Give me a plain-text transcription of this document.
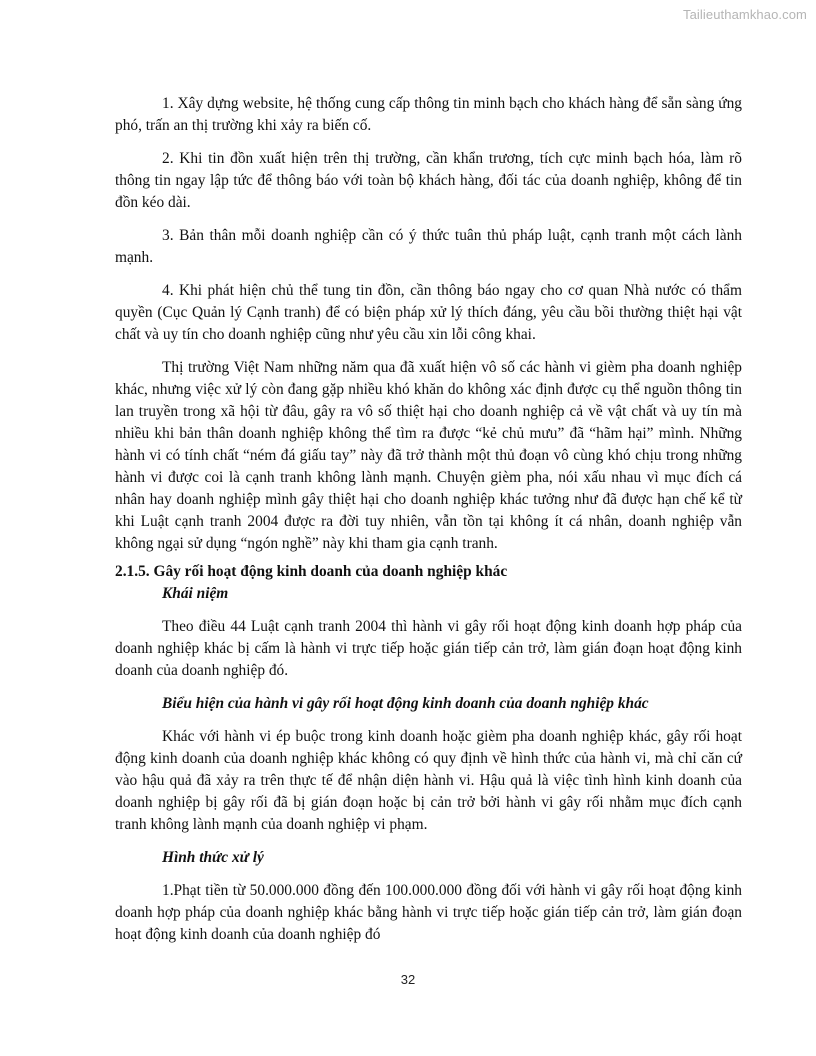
Tailieuthamkhao.com

1. Xây dựng website, hệ thống cung cấp thông tin minh bạch cho khách hàng để sẵn sàng ứng phó, trấn an thị trường khi xảy ra biến cố.

2. Khi tin đồn xuất hiện trên thị trường, cần khẩn trương, tích cực minh bạch hóa, làm rõ thông tin ngay lập tức để thông báo với toàn bộ khách hàng, đối tác của doanh nghiệp, không để tin đồn kéo dài.

3. Bản thân mỗi doanh nghiệp cần có ý thức tuân thủ pháp luật, cạnh tranh một cách lành mạnh.

4. Khi phát hiện chủ thể tung tin đồn, cần thông báo ngay cho cơ quan Nhà nước có thẩm quyền (Cục Quản lý Cạnh tranh) để có biện pháp xử lý thích đáng, yêu cầu bồi thường thiệt hại vật chất và uy tín cho doanh nghiệp cũng như yêu cầu xin lỗi công khai.

Thị trường Việt Nam những năm qua đã xuất hiện vô số các hành vi gièm pha doanh nghiệp khác, nhưng việc xử lý còn đang gặp nhiều khó khăn do không xác định được cụ thể nguồn thông tin lan truyền trong xã hội từ đâu, gây ra vô số thiệt hại cho doanh nghiệp cả về vật chất và uy tín mà nhiều khi bản thân doanh nghiệp không thể tìm ra được “kẻ chủ mưu” đã “hãm hại” mình. Những hành vi có tính chất “ném đá giấu tay” này đã trở thành một thủ đoạn vô cùng khó chịu trong những hành vi được coi là cạnh tranh không lành mạnh. Chuyện gièm pha, nói xấu nhau vì mục đích cá nhân hay doanh nghiệp mình gây thiệt hại cho doanh nghiệp khác tưởng như đã được hạn chế kể từ khi Luật cạnh tranh 2004 được ra đời tuy nhiên, vẫn tồn tại không ít cá nhân, doanh nghiệp vẫn không ngại sử dụng “ngón nghề” này khi tham gia cạnh tranh.

2.1.5. Gây rối hoạt động kinh doanh của doanh nghiệp khác

Khái niệm

Theo điều 44 Luật cạnh tranh 2004 thì hành vi gây rối hoạt động kinh doanh hợp pháp của doanh nghiệp khác bị cấm là hành vi trực tiếp hoặc gián tiếp cản trở, làm gián đoạn hoạt động kinh doanh của doanh nghiệp đó.

Biểu hiện của hành vi gây rối hoạt động kinh doanh của doanh nghiệp khác

Khác với hành vi ép buộc trong kinh doanh hoặc gièm pha doanh nghiệp khác, gây rối hoạt động kinh doanh của doanh nghiệp khác không có quy định về hình thức của hành vi, mà chỉ căn cứ vào hậu quả đã xảy ra trên thực tế để nhận diện hành vi. Hậu quả là việc tình hình kinh doanh của doanh nghiệp bị gây rối đã bị gián đoạn hoặc bị cản trở bởi hành vi gây rối nhằm mục đích cạnh tranh không lành mạnh của doanh nghiệp vi phạm.

Hình thức xử lý

1.Phạt tiền từ 50.000.000 đồng đến 100.000.000 đồng đối với hành vi gây rối hoạt động kinh doanh hợp pháp của doanh nghiệp khác bằng hành vi trực tiếp hoặc gián tiếp cản trở, làm gián đoạn hoạt động kinh doanh của doanh nghiệp đó

32
